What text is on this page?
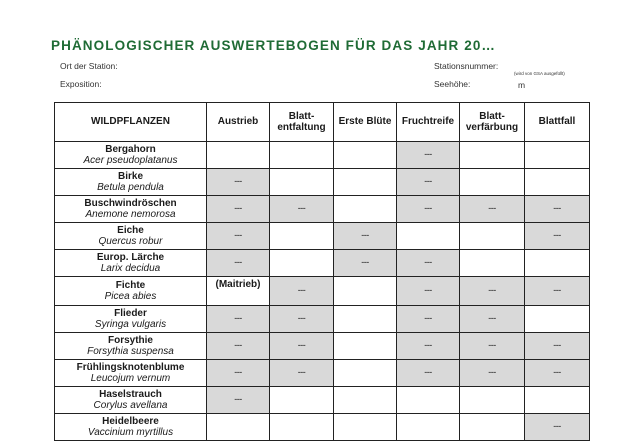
PHÄNOLOGISCHER AUSWERTEBOGEN FÜR DAS JAHR 20…
Ort der Station:
Exposition:
Stationsnummer:
(wird von GSA ausgefüllt)
Seehöhe:	m
WILDPFLANZEN	Austrieb	Blatt-
entfaltung	Erste Blüte	Fruchtreife	Blatt-
verfärbung	Blattfall
Bergahorn
Acer pseudoplatanus				---		
Birke
Betula pendula	---			---		
Buschwindröschen
Anemone nemorosa	---	---		---	---	---
Eiche
Quercus robur	---		---			---
Europ. Lärche
Larix decidua	---		---	---		
Fichte
Picea abies	(Maitrieb)	---		---	---	---
Flieder
Syringa vulgaris	---	---		---	---	
Forsythie
Forsythia suspensa	---	---		---	---	---
Frühlingsknotenblume
Leucojum vernum	---	---		---	---	---
Haselstrauch
Corylus avellana	---					
Heidelbeere
Vaccinium myrtillus						---
